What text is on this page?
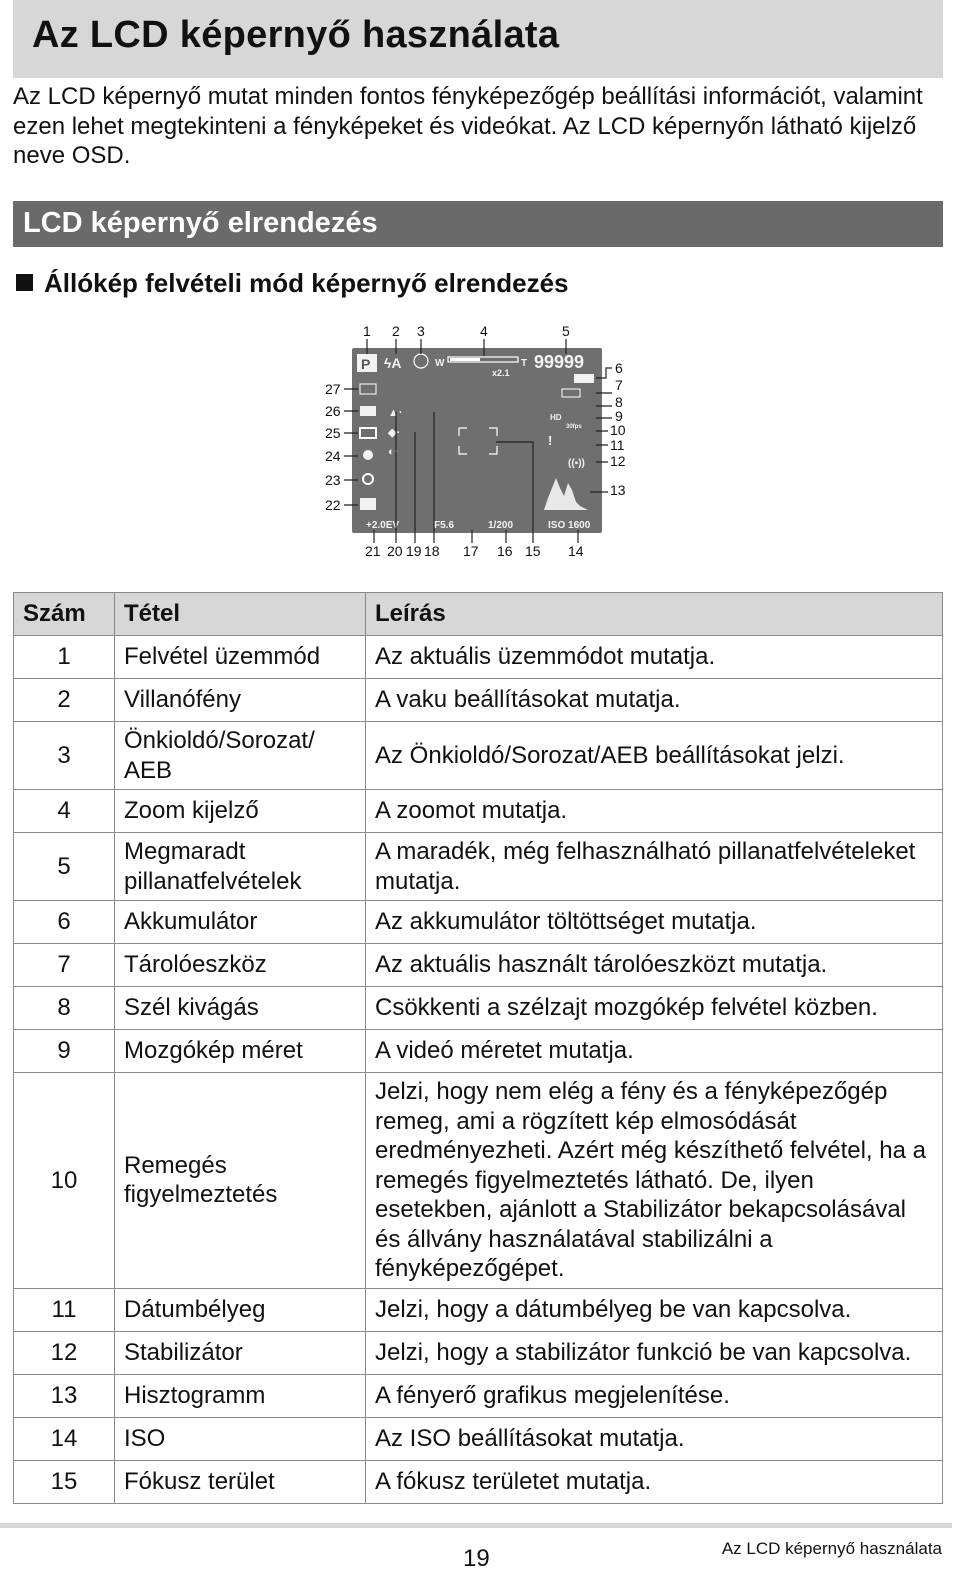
Az LCD képernyő használata

Az LCD képernyő mutat minden fontos fényképezőgép beállítási információt, valamint ezen lehet megtekinteni a fényképeket és videókat. Az LCD képernyőn látható kijelző neve OSD.

LCD képernyő elrendezés

Állókép felvételi mód képernyő elrendezés

P ϟA	W	T
x2.1
99999
HD
30fps
!
((▪))
▲·
◆·
◐·
+2.0EV	F5.6	1/200	ISO 1600
1 2 3	4	5
6
7
8
9
10
11
12
13
27
26
25
24
23
22
21 20 19 18 17 16 15 14
Szám	Tétel	Leírás
1	Felvétel üzemmód	Az aktuális üzemmódot mutatja.
2	Villanófény	A vaku beállításokat mutatja.
3	Önkioldó/Sorozat/ AEB	Az Önkioldó/Sorozat/AEB beállításokat jelzi.
4	Zoom kijelző	A zoomot mutatja.
5	Megmaradt pillanatfelvételek	A maradék, még felhasználható pillanatfelvételeket mutatja.
6	Akkumulátor	Az akkumulátor töltöttséget mutatja.
7	Tárolóeszköz	Az aktuális használt tárolóeszközt mutatja.
8	Szél kivágás	Csökkenti a szélzajt mozgókép felvétel közben.
9	Mozgókép méret	A videó méretet mutatja.
10	Remegés figyelmeztetés	Jelzi, hogy nem elég a fény és a fényképezőgép remeg, ami a rögzített kép elmosódását eredményezheti. Azért még készíthető felvétel, ha a remegés figyelmeztetés látható. De, ilyen esetekben, ajánlott a Stabilizátor bekapcsolásával és állvány használatával stabilizálni a fényképezőgépet.
11	Dátumbélyeg	Jelzi, hogy a dátumbélyeg be van kapcsolva.
12	Stabilizátor	Jelzi, hogy a stabilizátor funkció be van kapcsolva.
13	Hisztogramm	A fényerő grafikus megjelenítése.
14	ISO	Az ISO beállításokat mutatja.
15	Fókusz terület	A fókusz területet mutatja.
19	Az LCD képernyő használata
